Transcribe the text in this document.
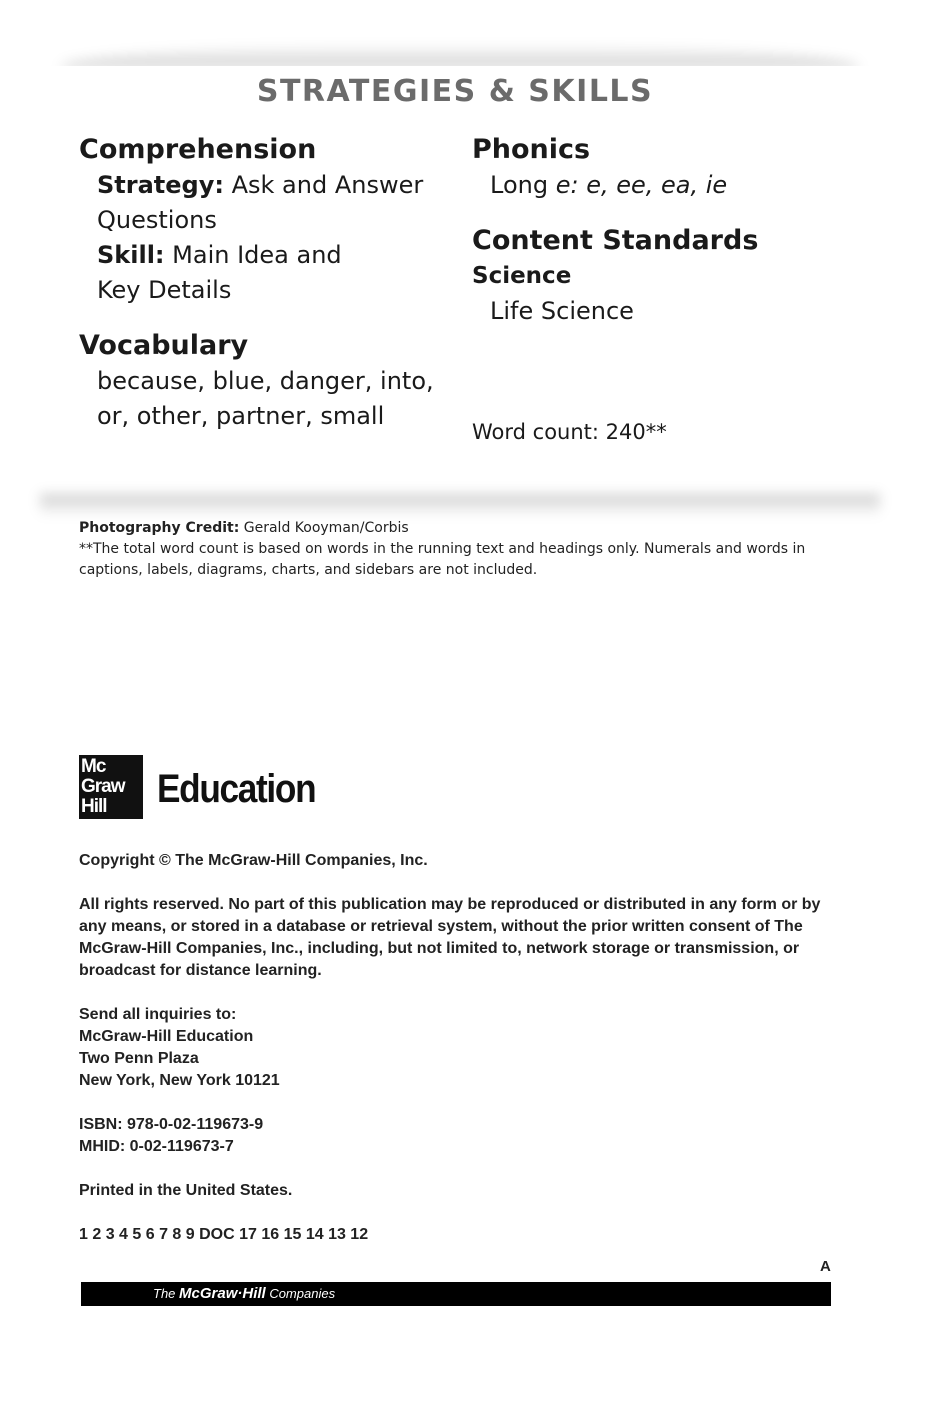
STRATEGIES & SKILLS
Comprehension
Strategy: Ask and Answer
Questions
Skill: Main Idea and
Key Details
Vocabulary
because, blue, danger, into,
or, other, partner, small
Phonics
Long e: e, ee, ea, ie
Content Standards
Science
Life Science
Word count: 240**
Photography Credit: Gerald Kooyman/Corbis
**The total word count is based on words in the running text and headings only. Numerals and words in captions, labels, diagrams, charts, and sidebars are not included.
Mc
Graw
Hill	Education

Copyright © The McGraw-Hill Companies, Inc.

All rights reserved. No part of this publication may be reproduced or distributed in any form or by any means, or stored in a database or retrieval system, without the prior written consent of The McGraw-Hill Companies, Inc., including, but not limited to, network storage or transmission, or broadcast for distance learning.

Send all inquiries to:
McGraw-Hill Education
Two Penn Plaza
New York, New York 10121

ISBN: 978-0-02-119673-9
MHID: 0-02-119673-7

Printed in the United States.

1 2 3 4 5 6 7 8 9 DOC 17 16 15 14 13 12

A
The McGraw·Hill Companies
